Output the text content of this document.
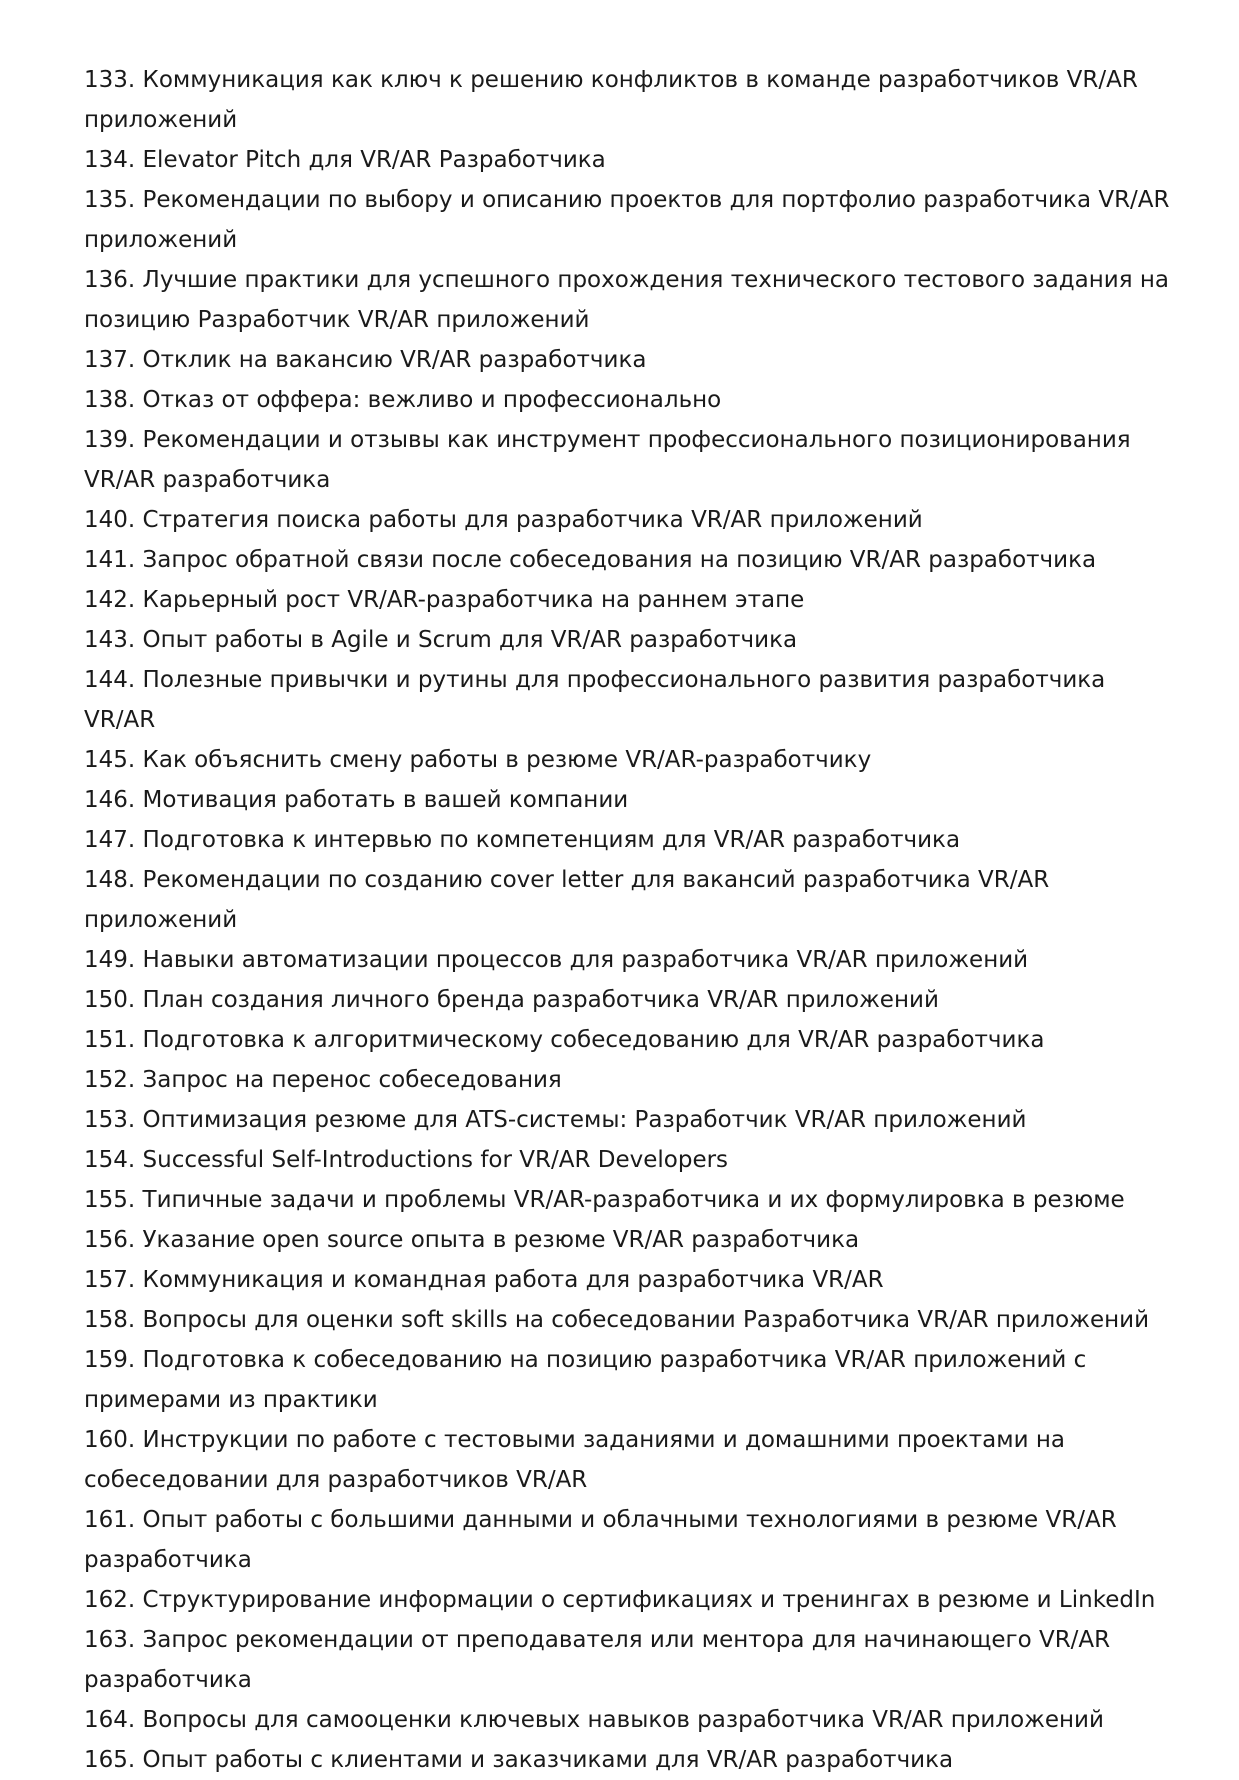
133. Коммуникация как ключ к решению конфликтов в команде разработчиков VR/AR приложений
134. Elevator Pitch для VR/AR Разработчика
135. Рекомендации по выбору и описанию проектов для портфолио разработчика VR/AR приложений
136. Лучшие практики для успешного прохождения технического тестового задания на позицию Разработчик VR/AR приложений
137. Отклик на вакансию VR/AR разработчика
138. Отказ от оффера: вежливо и профессионально
139. Рекомендации и отзывы как инструмент профессионального позиционирования VR/AR разработчика
140. Стратегия поиска работы для разработчика VR/AR приложений
141. Запрос обратной связи после собеседования на позицию VR/AR разработчика
142. Карьерный рост VR/AR-разработчика на раннем этапе
143. Опыт работы в Agile и Scrum для VR/AR разработчика
144. Полезные привычки и рутины для профессионального развития разработчика VR/AR
145. Как объяснить смену работы в резюме VR/AR-разработчику
146. Мотивация работать в вашей компании
147. Подготовка к интервью по компетенциям для VR/AR разработчика
148. Рекомендации по созданию cover letter для вакансий разработчика VR/AR приложений
149. Навыки автоматизации процессов для разработчика VR/AR приложений
150. План создания личного бренда разработчика VR/AR приложений
151. Подготовка к алгоритмическому собеседованию для VR/AR разработчика
152. Запрос на перенос собеседования
153. Оптимизация резюме для ATS-системы: Разработчик VR/AR приложений
154. Successful Self-Introductions for VR/AR Developers
155. Типичные задачи и проблемы VR/AR-разработчика и их формулировка в резюме
156. Указание open source опыта в резюме VR/AR разработчика
157. Коммуникация и командная работа для разработчика VR/AR
158. Вопросы для оценки soft skills на собеседовании Разработчика VR/AR приложений
159. Подготовка к собеседованию на позицию разработчика VR/AR приложений с примерами из практики
160. Инструкции по работе с тестовыми заданиями и домашними проектами на собеседовании для разработчиков VR/AR
161. Опыт работы с большими данными и облачными технологиями в резюме VR/AR разработчика
162. Структурирование информации о сертификациях и тренингах в резюме и LinkedIn
163. Запрос рекомендации от преподавателя или ментора для начинающего VR/AR разработчика
164. Вопросы для самооценки ключевых навыков разработчика VR/AR приложений
165. Опыт работы с клиентами и заказчиками для VR/AR разработчика
